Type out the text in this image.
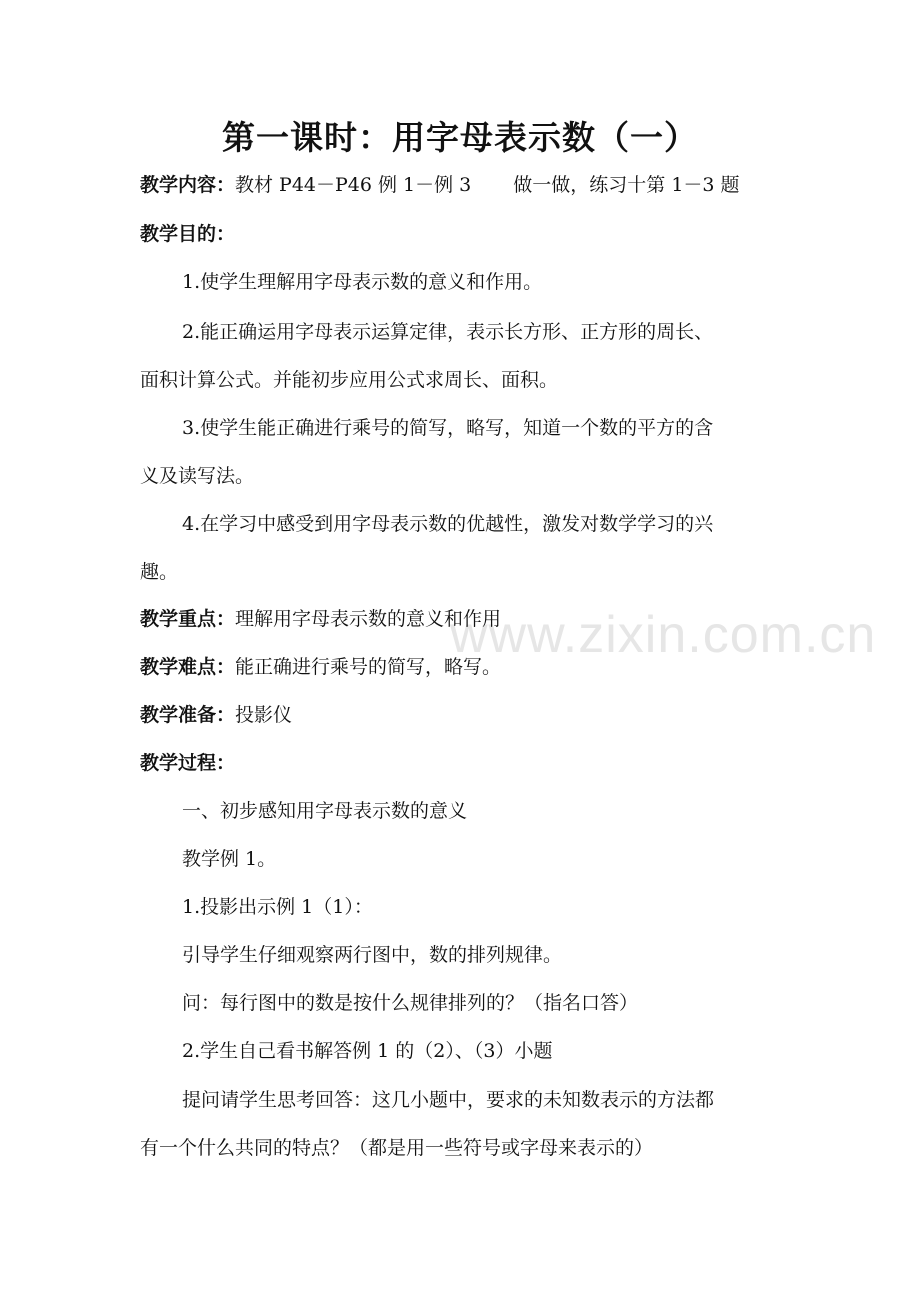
www.zixin.com.cn
第一课时：用字母表示数（一）
教学内容：教材 P44－P46 例 1－例 3 做一做，练习十第 1－3 题
教学目的：
1.使学生理解用字母表示数的意义和作用。
2.能正确运用字母表示运算定律，表示长方形、正方形的周长、
面积计算公式。并能初步应用公式求周长、面积。
3.使学生能正确进行乘号的简写，略写，知道一个数的平方的含
义及读写法。
4.在学习中感受到用字母表示数的优越性，激发对数学学习的兴
趣。
教学重点：理解用字母表示数的意义和作用
教学难点：能正确进行乘号的简写，略写。
教学准备：投影仪
教学过程：
一、初步感知用字母表示数的意义
教学例 1。
1.投影出示例 1（1）：
引导学生仔细观察两行图中，数的排列规律。
问：每行图中的数是按什么规律排列的？（指名口答）
2.学生自己看书解答例 1 的（2）、（3）小题
提问请学生思考回答：这几小题中，要求的未知数表示的方法都
有一个什么共同的特点？（都是用一些符号或字母来表示的）
